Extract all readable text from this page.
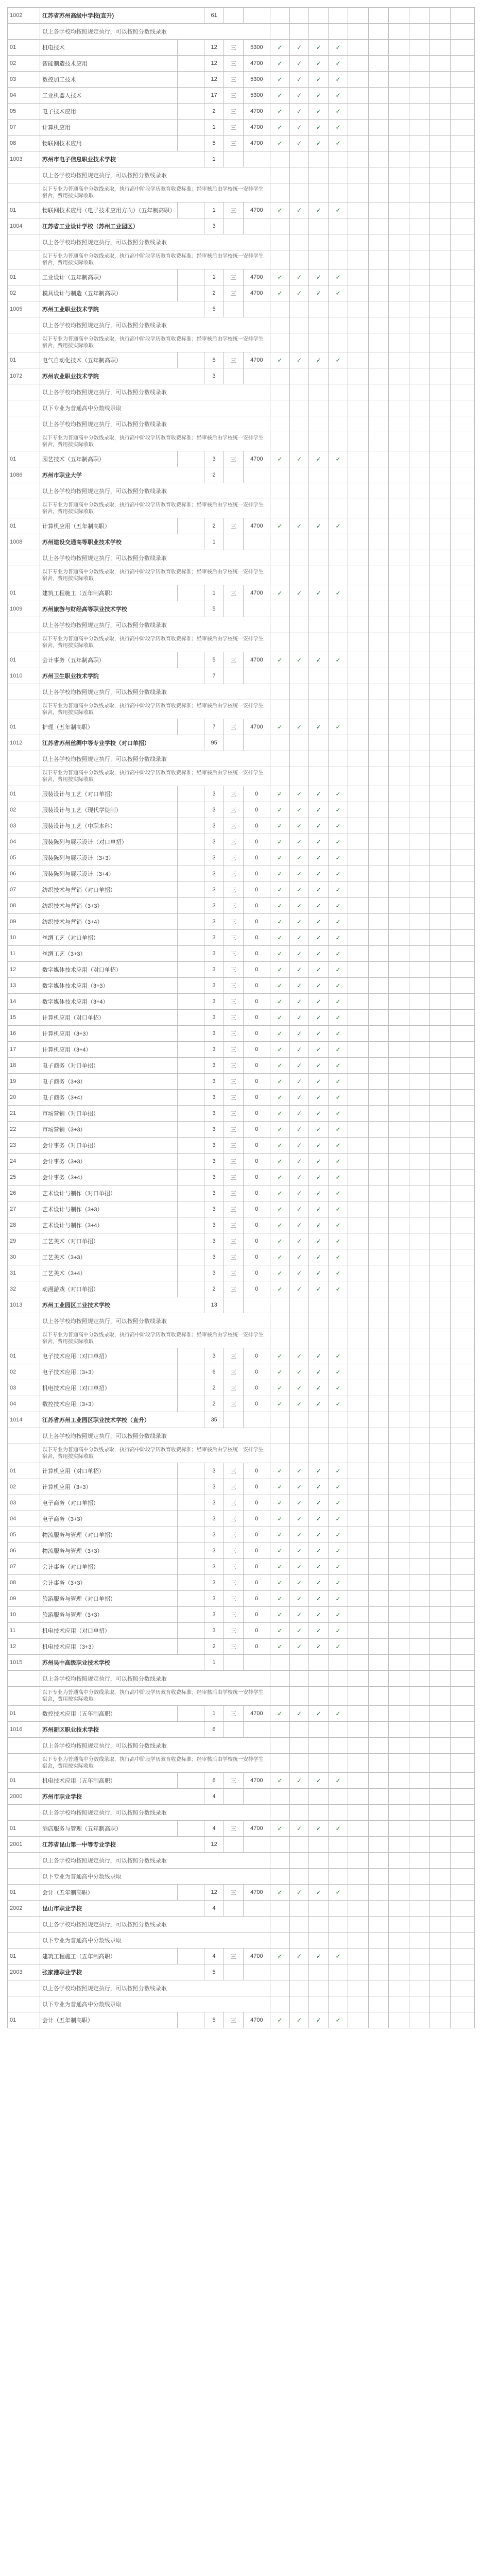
1002	江苏省苏州高级中学校(直升)		61												
	以上各学校均按照规定执行，可以按照分数线录取														
01	机电技术		12	三	5300	✓	✓	✓	✓						
02	智能制造技术应用		12	三	4700	✓	✓	✓	✓						
03	数控加工技术		12	三	5300	✓	✓	✓	✓						
04	工业机器人技术		17	三	5300	✓	✓	✓	✓						
05	电子技术应用		2	三	4700	✓	✓	✓	✓						
07	计算机应用		1	三	4700	✓	✓	✓	✓						
08	物联网技术应用		5	三	4700	✓	✓	✓	✓						
1003	苏州市电子信息职业技术学校		1												
	以上各学校均按照规定执行，可以按照分数线录取														
	以下专业为普通高中分数线录取，执行高中阶段学历教育收费标准；经审核后由学校统一安排学生宿舍，费用按实际收取														
01	物联网技术应用（电子技术应用方向）（五年制高职）		1	三	4700	✓	✓	✓	✓						
1004	江苏省工业设计学校（苏州工业园区）		3												
	以上各学校均按照规定执行，可以按照分数线录取														
	以下专业为普通高中分数线录取，执行高中阶段学历教育收费标准；经审核后由学校统一安排学生宿舍，费用按实际收取														
01	工业设计（五年制高职）		1	三	4700	✓	✓	✓	✓						
02	模具设计与制造（五年制高职）		2	三	4700	✓	✓	✓	✓						
1005	苏州工业职业技术学院		5												
	以上各学校均按照规定执行，可以按照分数线录取														
	以下专业为普通高中分数线录取，执行高中阶段学历教育收费标准；经审核后由学校统一安排学生宿舍，费用按实际收取														
01	电气自动化技术（五年制高职）		5	三	4700	✓	✓	✓	✓						
1072	苏州农业职业技术学院		3												
	以上各学校均按照规定执行，可以按照分数线录取														
	以下专业为普通高中分数线录取														
	以上各学校均按照规定执行，可以按照分数线录取														
	以下专业为普通高中分数线录取，执行高中阶段学历教育收费标准；经审核后由学校统一安排学生宿舍，费用按实际收取														
01	园艺技术（五年制高职）		3	三	4700	✓	✓	✓	✓						
1086	苏州市职业大学		2												
	以上各学校均按照规定执行，可以按照分数线录取														
	以下专业为普通高中分数线录取，执行高中阶段学历教育收费标准；经审核后由学校统一安排学生宿舍，费用按实际收取														
01	计算机应用（五年制高职）		2	三	4700	✓	✓	✓	✓						
1008	苏州建设交通高等职业技术学校		1												
	以上各学校均按照规定执行，可以按照分数线录取														
	以下专业为普通高中分数线录取，执行高中阶段学历教育收费标准；经审核后由学校统一安排学生宿舍，费用按实际收取														
01	建筑工程施工（五年制高职）		1	三	4700	✓	✓	✓	✓						
1009	苏州旅游与财经高等职业技术学校		5												
	以上各学校均按照规定执行，可以按照分数线录取														
	以下专业为普通高中分数线录取，执行高中阶段学历教育收费标准；经审核后由学校统一安排学生宿舍，费用按实际收取														
01	会计事务（五年制高职）		5	三	4700	✓	✓	✓	✓						
1010	苏州卫生职业技术学院		7												
	以上各学校均按照规定执行，可以按照分数线录取														
	以下专业为普通高中分数线录取，执行高中阶段学历教育收费标准；经审核后由学校统一安排学生宿舍，费用按实际收取														
01	护理（五年制高职）		7	三	4700	✓	✓	✓	✓						
1012	江苏省苏州丝绸中等专业学校（对口单招）		95												
	以上各学校均按照规定执行，可以按照分数线录取														
	以下专业为普通高中分数线录取，执行高中阶段学历教育收费标准；经审核后由学校统一安排学生宿舍，费用按实际收取														
01	服装设计与工艺（对口单招）		3	三	0	✓	✓	✓	✓						
02	服装设计与工艺（现代学徒制）		3	三	0	✓	✓	✓	✓						
03	服装设计与工艺（中职本科）		3	三	0	✓	✓	✓	✓						
04	服装陈列与展示设计（对口单招）		3	三	0	✓	✓	✓	✓						
05	服装陈列与展示设计（3+3）		3	三	0	✓	✓	✓	✓						
06	服装陈列与展示设计（3+4）		3	三	0	✓	✓	✓	✓						
07	纺织技术与营销（对口单招）		3	三	0	✓	✓	✓	✓						
08	纺织技术与营销（3+3）		3	三	0	✓	✓	✓	✓						
09	纺织技术与营销（3+4）		3	三	0	✓	✓	✓	✓						
10	丝绸工艺（对口单招）		3	三	0	✓	✓	✓	✓						
11	丝绸工艺（3+3）		3	三	0	✓	✓	✓	✓						
12	数字媒体技术应用（对口单招）		3	三	0	✓	✓	✓	✓						
13	数字媒体技术应用（3+3）		3	三	0	✓	✓	✓	✓						
14	数字媒体技术应用（3+4）		3	三	0	✓	✓	✓	✓						
15	计算机应用（对口单招）		3	三	0	✓	✓	✓	✓						
16	计算机应用（3+3）		3	三	0	✓	✓	✓	✓						
17	计算机应用（3+4）		3	三	0	✓	✓	✓	✓						
18	电子商务（对口单招）		3	三	0	✓	✓	✓	✓						
19	电子商务（3+3）		3	三	0	✓	✓	✓	✓						
20	电子商务（3+4）		3	三	0	✓	✓	✓	✓						
21	市场营销（对口单招）		3	三	0	✓	✓	✓	✓						
22	市场营销（3+3）		3	三	0	✓	✓	✓	✓						
23	会计事务（对口单招）		3	三	0	✓	✓	✓	✓						
24	会计事务（3+3）		3	三	0	✓	✓	✓	✓						
25	会计事务（3+4）		3	三	0	✓	✓	✓	✓						
26	艺术设计与制作（对口单招）		3	三	0	✓	✓	✓	✓						
27	艺术设计与制作（3+3）		3	三	0	✓	✓	✓	✓						
28	艺术设计与制作（3+4）		3	三	0	✓	✓	✓	✓						
29	工艺美术（对口单招）		3	三	0	✓	✓	✓	✓						
30	工艺美术（3+3）		3	三	0	✓	✓	✓	✓						
31	工艺美术（3+4）		3	三	0	✓	✓	✓	✓						
32	动漫游戏（对口单招）		2	三	0	✓	✓	✓	✓						
1013	苏州工业园区工业技术学校		13												
	以上各学校均按照规定执行，可以按照分数线录取														
	以下专业为普通高中分数线录取，执行高中阶段学历教育收费标准；经审核后由学校统一安排学生宿舍，费用按实际收取														
01	电子技术应用（对口单招）		3	三	0	✓	✓	✓	✓						
02	电子技术应用（3+3）		6	三	0	✓	✓	✓	✓						
03	机电技术应用（对口单招）		2	三	0	✓	✓	✓	✓						
04	数控技术应用（3+3）		2	三	0	✓	✓	✓	✓						
1014	江苏省苏州工业园区职业技术学校（直升）		35												
	以上各学校均按照规定执行，可以按照分数线录取														
	以下专业为普通高中分数线录取，执行高中阶段学历教育收费标准；经审核后由学校统一安排学生宿舍，费用按实际收取														
01	计算机应用（对口单招）		3	三	0	✓	✓	✓	✓						
02	计算机应用（3+3）		3	三	0	✓	✓	✓	✓						
03	电子商务（对口单招）		3	三	0	✓	✓	✓	✓						
04	电子商务（3+3）		3	三	0	✓	✓	✓	✓						
05	物流服务与管理（对口单招）		3	三	0	✓	✓	✓	✓						
06	物流服务与管理（3+3）		3	三	0	✓	✓	✓	✓						
07	会计事务（对口单招）		3	三	0	✓	✓	✓	✓						
08	会计事务（3+3）		3	三	0	✓	✓	✓	✓						
09	旅游服务与管理（对口单招）		3	三	0	✓	✓	✓	✓						
10	旅游服务与管理（3+3）		3	三	0	✓	✓	✓	✓						
11	机电技术应用（对口单招）		3	三	0	✓	✓	✓	✓						
12	机电技术应用（3+3）		2	三	0	✓	✓	✓	✓						
1015	苏州吴中高级职业技术学校		1												
	以上各学校均按照规定执行，可以按照分数线录取														
	以下专业为普通高中分数线录取，执行高中阶段学历教育收费标准；经审核后由学校统一安排学生宿舍，费用按实际收取														
01	数控技术应用（五年制高职）		1	三	4700	✓	✓	✓	✓						
1016	苏州新区职业技术学校		6												
	以上各学校均按照规定执行，可以按照分数线录取														
	以下专业为普通高中分数线录取，执行高中阶段学历教育收费标准；经审核后由学校统一安排学生宿舍，费用按实际收取														
01	机电技术应用（五年制高职）		6	三	4700	✓	✓	✓	✓						
2000	苏州市职业学校		4												
	以上各学校均按照规定执行，可以按照分数线录取														
01	酒店服务与管理（五年制高职）		4	三	4700	✓	✓	✓	✓						
2001	江苏省昆山第一中等专业学校		12												
	以上各学校均按照规定执行，可以按照分数线录取														
	以下专业为普通高中分数线录取														
01	会计（五年制高职）		12	三	4700	✓	✓	✓	✓						
2002	昆山市职业学校		4												
	以上各学校均按照规定执行，可以按照分数线录取														
	以下专业为普通高中分数线录取														
01	建筑工程施工（五年制高职）		4	三	4700	✓	✓	✓	✓						
2003	张家港职业学校		5												
	以上各学校均按照规定执行，可以按照分数线录取														
	以下专业为普通高中分数线录取														
01	会计（五年制高职）		5	三	4700	✓	✓	✓	✓						
